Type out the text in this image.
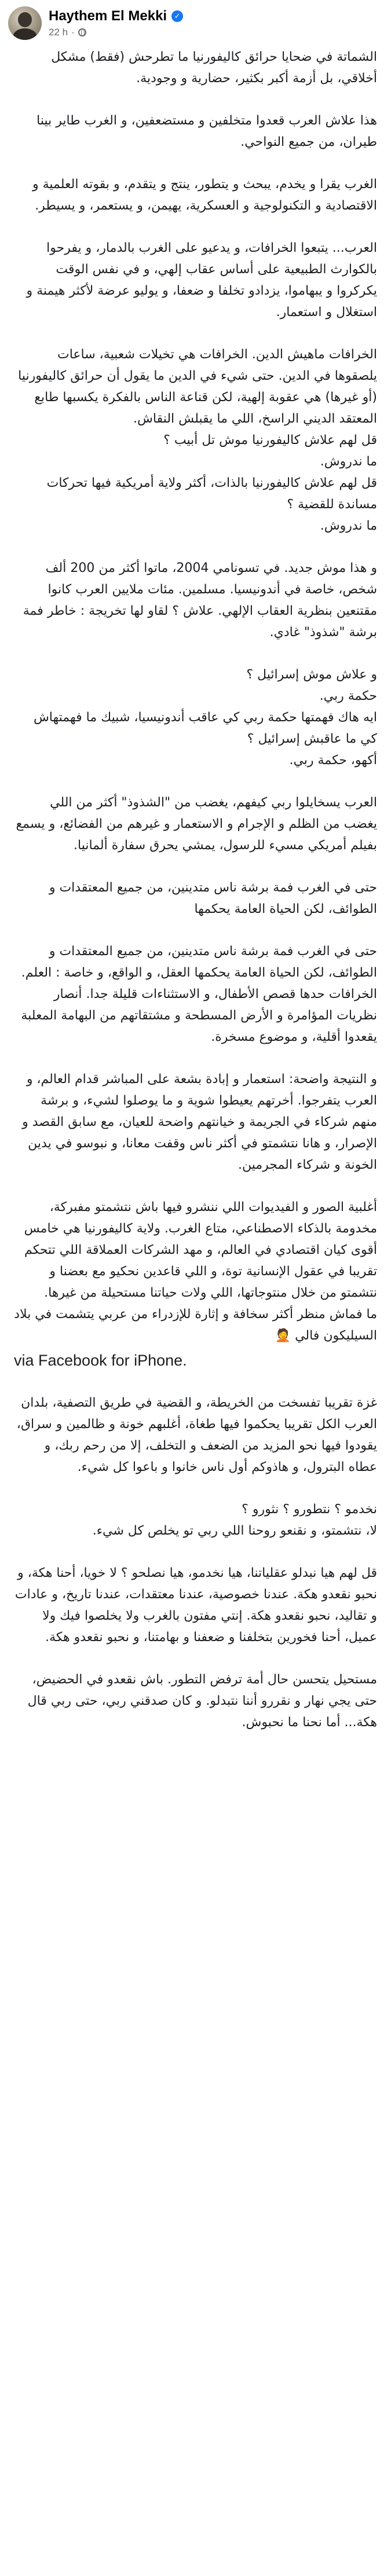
Haythem El Mekki ✓
22 h ·

الشماتة في ضحايا حرائق كاليفورنيا ما تطرحش (فقط) مشكل أخلاقي، بل أزمة أكبر بكثير، حضارية و وجودية.

هذا علاش العرب قعدوا متخلفين و مستضعفين، و الغرب طاير بينا طيران، من جميع النواحي.

الغرب يقرا و يخدم، يبحث و يتطور، ينتج و يتقدم، و بقوته العلمية و الاقتصادية و التكنولوجية و العسكرية، يهيمن، و يستعمر، و يسيطر.

العرب... يتبعوا الخرافات، و يدعيو على الغرب بالدمار، و يفرحوا بالكوارث الطبيعية على أساس عقاب إلهي، و في نفس الوقت يكركروا و يبهاموا، يزدادو تخلفا و ضعفا، و يوليو عرضة لأكثر هيمنة و استغلال و استعمار.

الخرافات ماهيش الدين. الخرافات هي تخيلات شعبية، ساعات يلصقوها في الدين. حتى شيء في الدين ما يقول أن حرائق كاليفورنيا (أو غيرها) هي عقوبة إلهية، لكن قناعة الناس بالفكرة يكسبها طابع المعتقد الديني الراسخ، اللي ما يقبلش النقاش.
قل لهم علاش كاليفورنيا موش تل أبيب ؟
ما ندروش.
قل لهم علاش كاليفورنيا بالذات، أكثر ولاية أمريكية فيها تحركات مساندة للقضية ؟
ما ندروش.

و هذا موش جديد. في تسونامي 2004، ماتوا أكثر من 200 ألف شخص، خاصة في أندونيسيا. مسلمين. مئات ملايين العرب كانوا مقتنعين بنظرية العقاب الإلهي. علاش ؟ لقاو لها تخريجة : خاطر فمة برشة "شذوذ" غادي.

و علاش موش إسرائيل ؟
حكمة ربي.
ايه هاك فهمتها حكمة ربي كي عاقب أندونيسيا، شبيك ما فهمتهاش كي ما عاقبش إسرائيل ؟
أكهو، حكمة ربي.

العرب يسخايلوا ربي كيفهم، يغضب من "الشذوذ" أكثر من اللي يغضب من الظلم و الإجرام و الاستعمار و غيرهم من الفضائع، و يسمع بفيلم أمريكي مسيء للرسول، يمشي يحرق سفارة ألمانيا.

حتى في الغرب فمة برشة ناس متدينين، من جميع المعتقدات و الطوائف، لكن الحياة العامة يحكمها

حتى في الغرب فمة برشة ناس متدينين، من جميع المعتقدات و الطوائف، لكن الحياة العامة يحكمها العقل، و الواقع، و خاصة : العلم.
الخرافات حدها قصص الأطفال، و الاستثناءات قليلة جدا. أنصار نظريات المؤامرة و الأرض المسطحة و مشتقاتهم من البهامة المعلبة يقعدوا أقلية، و موضوع مسخرة.

و النتيجة واضحة: استعمار و إبادة بشعة على المباشر قدام العالم، و العرب يتفرجوا. أخرتهم يعيطوا شوية و ما يوصلوا لشيء، و برشة منهم شركاء في الجريمة و خيانتهم واضحة للعيان، مع سابق القصد و الإصرار، و هانا نتشمتو في أكثر ناس وقفت معانا، و نبوسو في يدين الخونة و شركاء المجرمين.

أغلبية الصور و الفيديوات اللي ننشرو فيها باش نتشمتو مفبركة، مخدومة بالذكاء الاصطناعي، متاع الغرب. ولاية كاليفورنيا هي خامس أقوى كيان اقتصادي في العالم، و مهد الشركات العملاقة اللي تتحكم تقريبا في عقول الإنسانية توة، و اللي قاعدين نحكيو مع بعضنا و نتشمتو من خلال منتوجاتها، اللي ولات حياتنا مستحيلة من غيرها.
ما فماش منظر أكثر سخافة و إثارة للإزدراء من عربي يتشمت في بلاد السيليكون فالي 🤦

via Facebook for iPhone.

غزة تقريبا تفسخت من الخريطة، و القضية في طريق التصفية، بلدان العرب الكل تقريبا يحكموا فيها طغاة، أغلبهم خونة و ظالمين و سراق، يقودوا فيها نحو المزيد من الضعف و التخلف، إلا من رحم ربك، و عطاه البترول، و هاذوكم أول ناس خانوا و باعوا كل شيء.

نخدمو ؟ نتطورو ؟ نثورو ؟
لا، نتشمتو، و نقنعو روحنا اللي ربي تو يخلص كل شيء.

قل لهم هيا نبدلو عقلياتنا، هيا نخدمو، هيا نصلحو ؟ لا خويا، أحنا هكة، و نحبو نقعدو هكة. عندنا خصوصية، عندنا معتقدات، عندنا تاريخ، و عادات و تقاليد، نحبو نقعدو هكة. إنتي مفتون بالغرب ولا يخلصوا فيك ولا عميل، أحنا فخورين بتخلفنا و ضعفنا و بهامتنا، و نحبو نقعدو هكة.

مستحيل يتحسن حال أمة ترفض التطور. باش نقعدو في الحضيض، حتى يجي نهار و نقررو أننا نتبدلو. و كان صدقني ربي، حتى ربي قال هكة... أما نحنا ما نحبوش.
